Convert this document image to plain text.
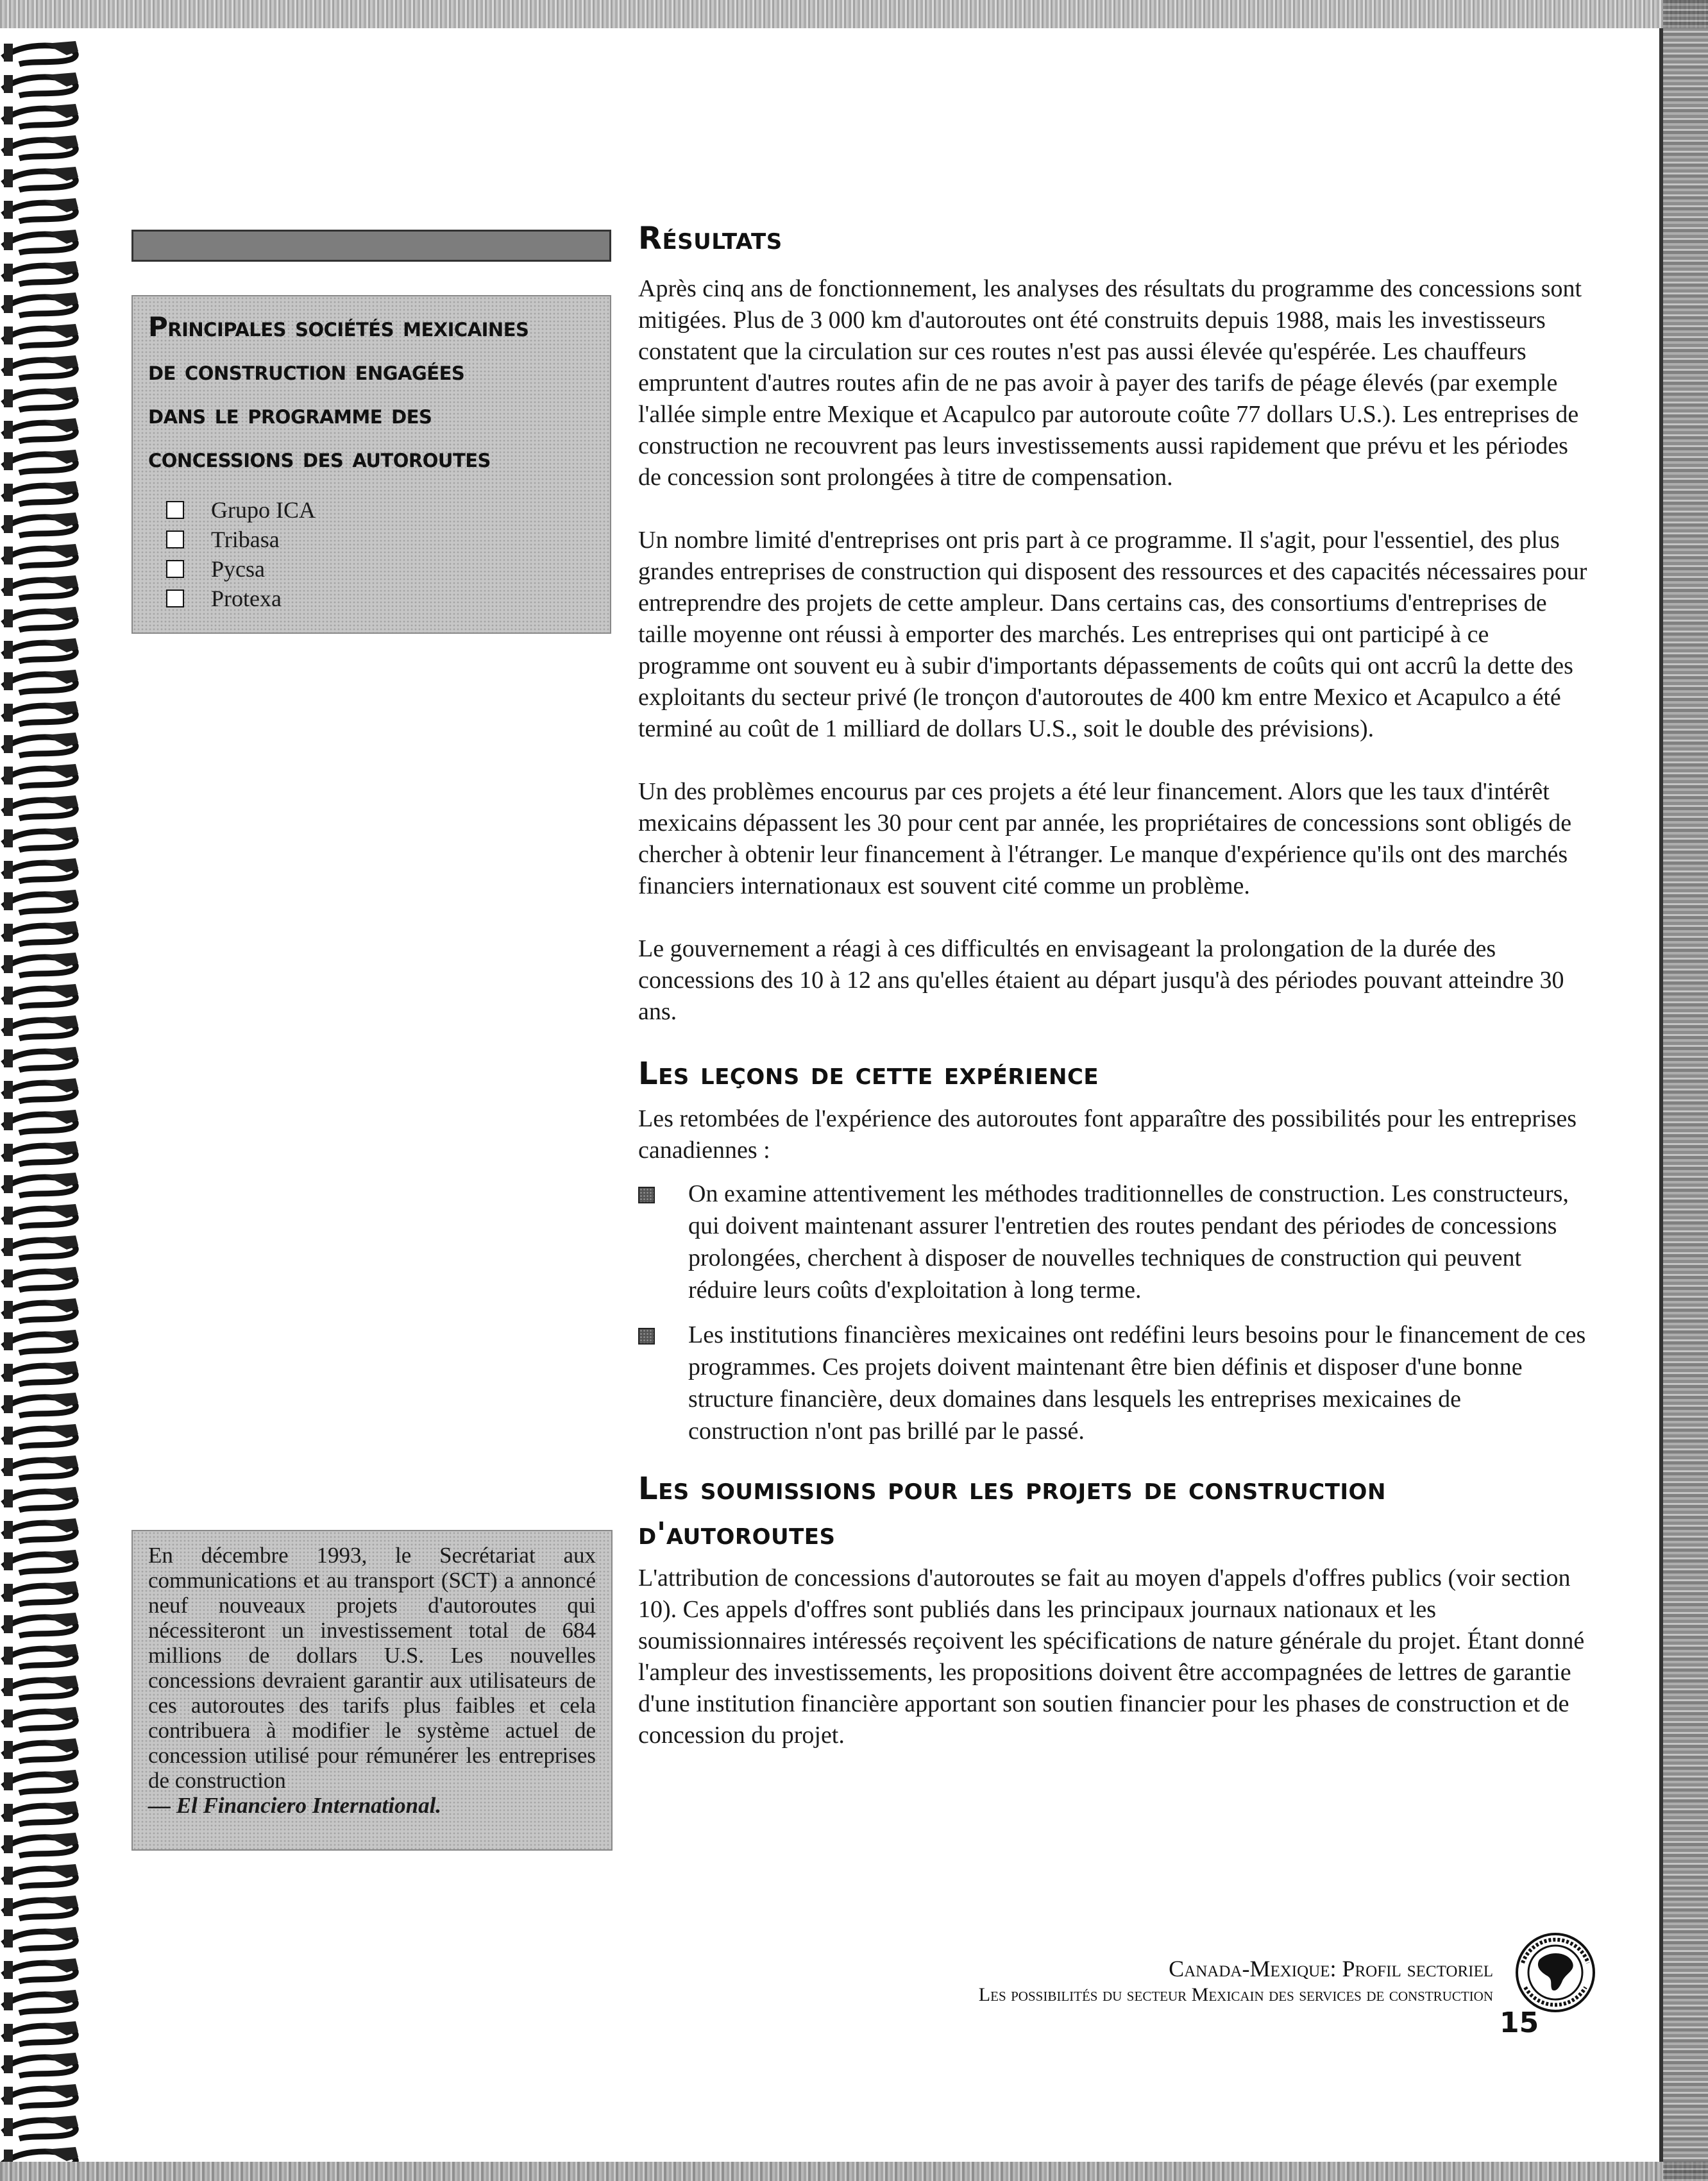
Principales sociétés mexicaines
de construction engagées
dans le programme des
concessions des autoroutes
Grupo ICA
Tribasa
Pycsa
Protexa
En décembre 1993, le Secrétariat aux communications et au transport (SCT) a annoncé neuf nouveaux projets d'autoroutes qui nécessiteront un investissement total de 684 millions de dollars U.S. Les nouvelles concessions devraient garantir aux utilisateurs de ces autoroutes des tarifs plus faibles et cela contribuera à modifier le système actuel de concession utilisé pour rémunérer les entreprises de construction
— El Financiero International.
Résultats

Après cinq ans de fonctionnement, les analyses des résultats du programme des concessions sont mitigées. Plus de 3 000 km d'autoroutes ont été construits depuis 1988, mais les investisseurs constatent que la circulation sur ces routes n'est pas aussi élevée qu'espérée. Les chauffeurs empruntent d'autres routes afin de ne pas avoir à payer des tarifs de péage élevés (par exemple l'allée simple entre Mexique et Acapulco par autoroute coûte 77 dollars U.S.). Les entreprises de construction ne recouvrent pas leurs investissements aussi rapidement que prévu et les périodes de concession sont prolongées à titre de compensation.

Un nombre limité d'entreprises ont pris part à ce programme. Il s'agit, pour l'essentiel, des plus grandes entreprises de construction qui disposent des ressources et des capacités nécessaires pour entreprendre des projets de cette ampleur. Dans certains cas, des consortiums d'entreprises de taille moyenne ont réussi à emporter des marchés. Les entreprises qui ont participé à ce programme ont souvent eu à subir d'importants dépassements de coûts qui ont accrû la dette des exploitants du secteur privé (le tronçon d'autoroutes de 400 km entre Mexico et Acapulco a été terminé au coût de 1 milliard de dollars U.S., soit le double des prévisions).

Un des problèmes encourus par ces projets a été leur financement. Alors que les taux d'intérêt mexicains dépassent les 30 pour cent par année, les propriétaires de concessions sont obligés de chercher à obtenir leur financement à l'étranger. Le manque d'expérience qu'ils ont des marchés financiers internationaux est souvent cité comme un problème.

Le gouvernement a réagi à ces difficultés en envisageant la prolongation de la durée des concessions des 10 à 12 ans qu'elles étaient au départ jusqu'à des périodes pouvant atteindre 30 ans.

Les leçons de cette expérience

Les retombées de l'expérience des autoroutes font apparaître des possibilités pour les entreprises canadiennes :

On examine attentivement les méthodes traditionnelles de construction. Les constructeurs, qui doivent maintenant assurer l'entretien des routes pendant des périodes de concessions prolongées, cherchent à disposer de nouvelles techniques de construction qui peuvent réduire leurs coûts d'exploitation à long terme.
Les institutions financières mexicaines ont redéfini leurs besoins pour le financement de ces programmes. Ces projets doivent maintenant être bien définis et disposer d'une bonne structure financière, deux domaines dans lesquels les entreprises mexicaines de construction n'ont pas brillé par le passé.
Les soumissions pour les projets de construction
d'autoroutes

L'attribution de concessions d'autoroutes se fait au moyen d'appels d'offres publics (voir section 10). Ces appels d'offres sont publiés dans les principaux journaux nationaux et les soumissionnaires intéressés reçoivent les spécifications de nature générale du projet. Étant donné l'ampleur des investissements, les propositions doivent être accompagnées de lettres de garantie d'une institution financière apportant son soutien financier pour les phases de construction et de concession du projet.

Canada-Mexique: Profil sectoriel
Les possibilités du secteur Mexicain des services de construction
15
